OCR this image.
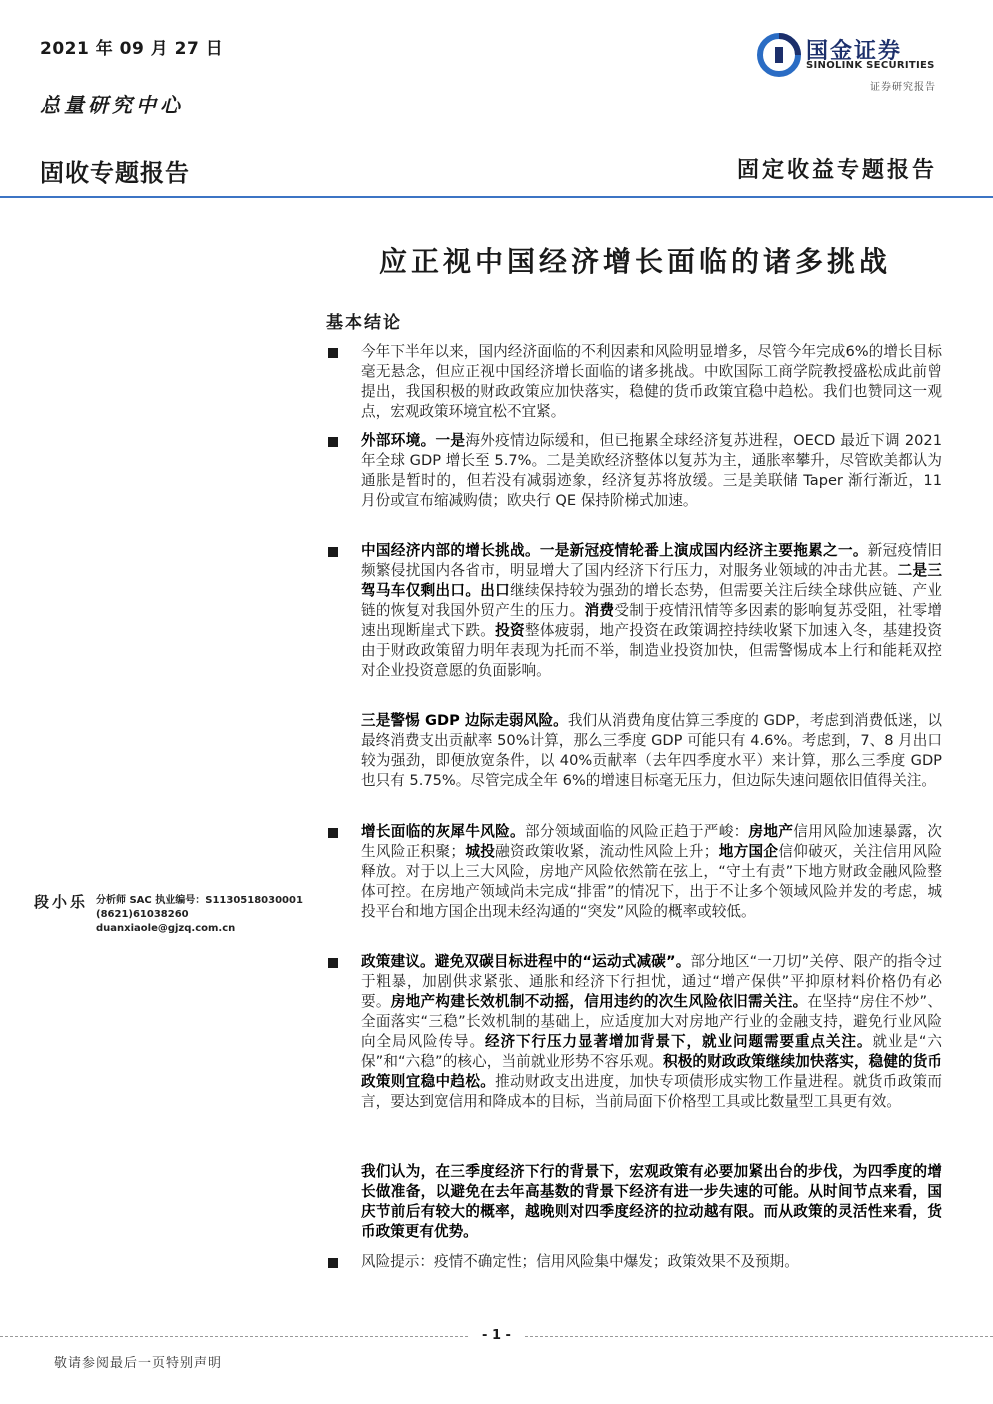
2021 年 09 月 27 日
总量研究中心
国金证券
SINOLINK SECURITIES
证券研究报告
固收专题报告	固定收益专题报告
应正视中国经济增长面临的诸多挑战
基本结论
今年下半年以来，国内经济面临的不利因素和风险明显增多，尽管今年完成6%的增长目标毫无悬念，但应正视中国经济增长面临的诸多挑战。中欧国际工商学院教授盛松成此前曾提出，我国积极的财政政策应加快落实，稳健的货币政策宜稳中趋松。我们也赞同这一观点，宏观政策环境宜松不宜紧。
外部环境。一是海外疫情边际缓和，但已拖累全球经济复苏进程，OECD 最近下调 2021 年全球 GDP 增长至 5.7%。二是美欧经济整体以复苏为主，通胀率攀升，尽管欧美都认为通胀是暂时的，但若没有减弱迹象，经济复苏将放缓。三是美联储 Taper 渐行渐近，11 月份或宣布缩减购债；欧央行 QE 保持阶梯式加速。
中国经济内部的增长挑战。一是新冠疫情轮番上演成国内经济主要拖累之一。新冠疫情旧频繁侵扰国内各省市，明显增大了国内经济下行压力，对服务业领域的冲击尤甚。二是三驾马车仅剩出口。出口继续保持较为强劲的增长态势，但需要关注后续全球供应链、产业链的恢复对我国外贸产生的压力。消费受制于疫情汛情等多因素的影响复苏受阻，社零增速出现断崖式下跌。投资整体疲弱，地产投资在政策调控持续收紧下加速入冬，基建投资由于财政政策留力明年表现为托而不举，制造业投资加快，但需警惕成本上行和能耗双控对企业投资意愿的负面影响。
三是警惕 GDP 边际走弱风险。我们从消费角度估算三季度的 GDP，考虑到消费低迷，以最终消费支出贡献率 50%计算，那么三季度 GDP 可能只有 4.6%。考虑到，7、8 月出口较为强劲，即便放宽条件，以 40%贡献率（去年四季度水平）来计算，那么三季度 GDP 也只有 5.75%。尽管完成全年 6%的增速目标毫无压力，但边际失速问题依旧值得关注。
增长面临的灰犀牛风险。部分领域面临的风险正趋于严峻：房地产信用风险加速暴露，次生风险正积聚；城投融资政策收紧，流动性风险上升；地方国企信仰破灭，关注信用风险释放。对于以上三大风险，房地产风险依然箭在弦上，“守土有责”下地方财政金融风险整体可控。在房地产领域尚未完成“排雷”的情况下，出于不让多个领域风险并发的考虑，城投平台和地方国企出现未经沟通的“突发”风险的概率或较低。
政策建议。避免双碳目标进程中的“运动式减碳”。部分地区“一刀切”关停、限产的指令过于粗暴，加剧供求紧张、通胀和经济下行担忧，通过“增产保供”平抑原材料价格仍有必要。房地产构建长效机制不动摇，信用违约的次生风险依旧需关注。在坚持“房住不炒”、全面落实“三稳”长效机制的基础上，应适度加大对房地产行业的金融支持，避免行业风险向全局风险传导。经济下行压力显著增加背景下，就业问题需要重点关注。就业是“六保”和“六稳”的核心，当前就业形势不容乐观。积极的财政政策继续加快落实，稳健的货币政策则宜稳中趋松。推动财政支出进度，加快专项债形成实物工作量进程。就货币政策而言，要达到宽信用和降成本的目标，当前局面下价格型工具或比数量型工具更有效。
我们认为，在三季度经济下行的背景下，宏观政策有必要加紧出台的步伐，为四季度的增长做准备，以避免在去年高基数的背景下经济有进一步失速的可能。从时间节点来看，国庆节前后有较大的概率，越晚则对四季度经济的拉动越有限。而从政策的灵活性来看，货币政策更有优势。
风险提示：疫情不确定性；信用风险集中爆发；政策效果不及预期。
段小乐 分析师 SAC 执业编号：S1130518030001
(8621)61038260
duanxiaole@gjzq.com.cn
- 1 -
敬请参阅最后一页特别声明
